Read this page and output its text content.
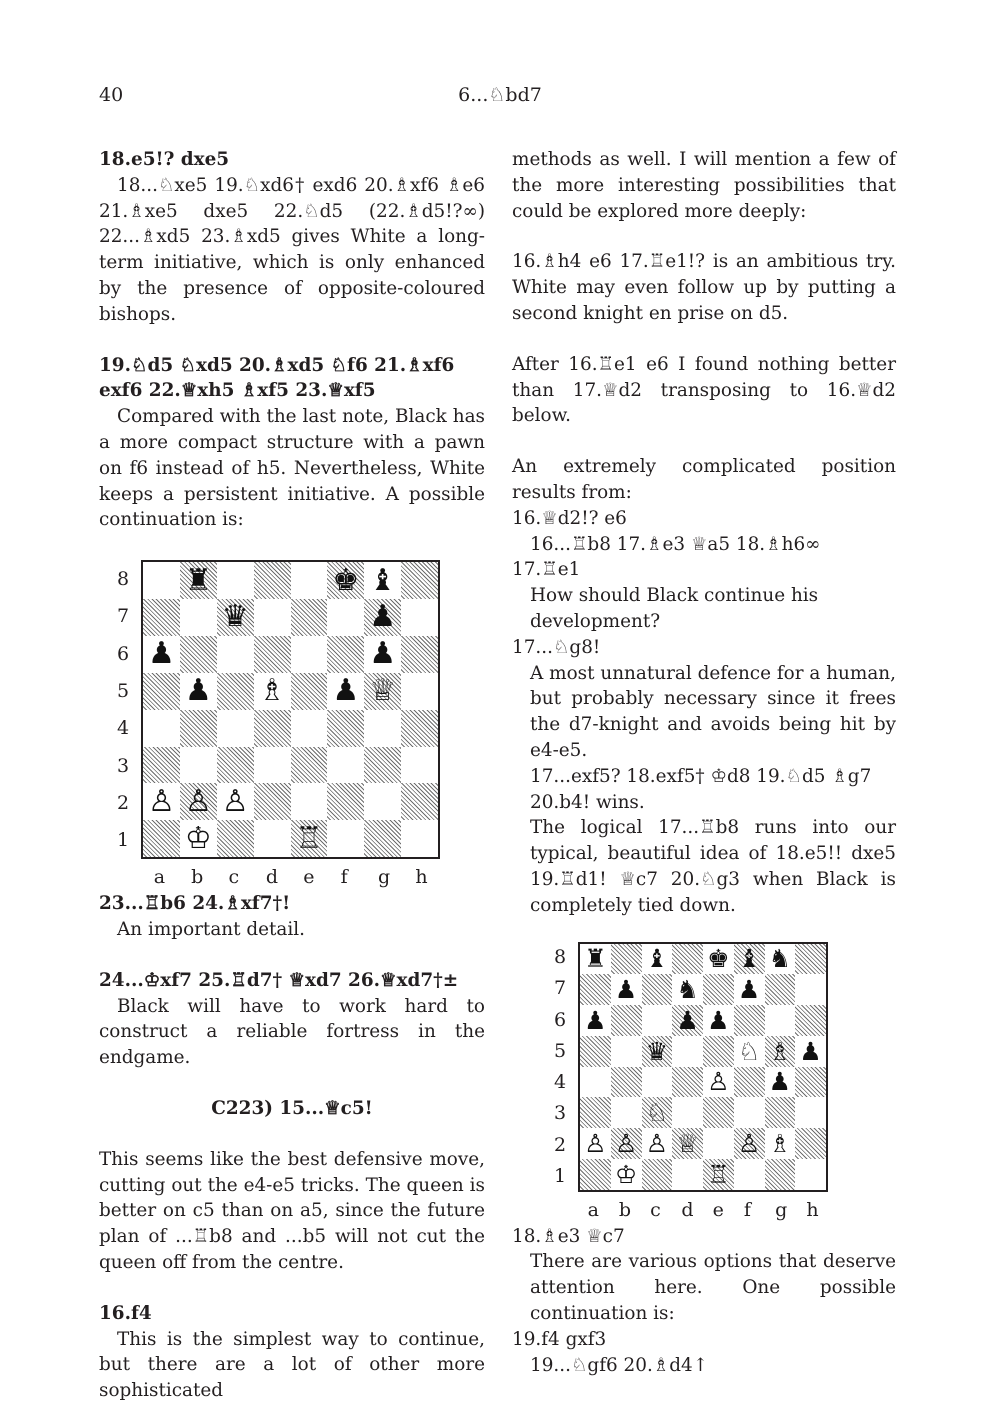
40	6...♘bd7

18.e5!? dxe5

18...♘xe5 19.♘xd6† exd6 20.♗xf6 ♗e6 21.♗xe5 dxe5 22.♘d5 (22.♗d5!?∞) 22...♗xd5 23.♗xd5 gives White a long-term initiative, which is only enhanced by the presence of opposite-coloured bishops.

19.♘d5 ♘xd5 20.♗xd5 ♘f6 21.♗xf6 exf6 22.♕xh5 ♗xf5 23.♕xf5

Compared with the last note, Black has a more compact structure with a pawn on f6 instead of h5. Nevertheless, White keeps a persistent initiative. A possible continuation is:

♜	♚ ♝
♛	♟
♟	♟
♟ ♗ ♟ ♕
♙ ♙ ♙
♔	♖
8
7
6
5
4
3
2
1
a b c d e f g h

23...♖b6 24.♗xf7†!

An important detail.

24...♔xf7 25.♖d7† ♕xd7 26.♕xd7†±

Black will have to work hard to construct a reliable fortress in the endgame.

C223) 15...♕c5!

This seems like the best defensive move, cutting out the e4-e5 tricks. The queen is better on c5 than on a5, since the future plan of ...♖b8 and ...b5 will not cut the queen off from the centre.

16.f4

This is the simplest way to continue, but there are a lot of other more sophisticated

methods as well. I will mention a few of the more interesting possibilities that could be explored more deeply:

16.♗h4 e6 17.♖e1!? is an ambitious try. White may even follow up by putting a second knight en prise on d5.

After 16.♖e1 e6 I found nothing better than 17.♕d2 transposing to 16.♕d2 below.

An extremely complicated position results from:

16.♕d2!? e6

16...♖b8 17.♗e3 ♕a5 18.♗h6∞

17.♖e1

How should Black continue his development?

17...♘g8!

A most unnatural defence for a human, but probably necessary since it frees the d7-knight and avoids being hit by e4-e5.

17...exf5? 18.exf5† ♔d8 19.♘d5 ♗g7 20.b4! wins.

The logical 17...♖b8 runs into our typical, beautiful idea of 18.e5!! dxe5 19.♖d1! ♕c7 20.♘g3 when Black is completely tied down.

♜ ♝ ♚ ♝ ♞
♟ ♞ ♟
♟	♟ ♟
♛	♘ ♗ ♟
♙ ♟
♘
♙ ♙ ♙ ♕ ♙ ♗
♔	♖
8
7
6
5
4
3
2
1
a b c d e f g h

18.♗e3 ♕c7

There are various options that deserve attention here. One possible continuation is:

19.f4 gxf3

19...♘gf6 20.♗d4↑
